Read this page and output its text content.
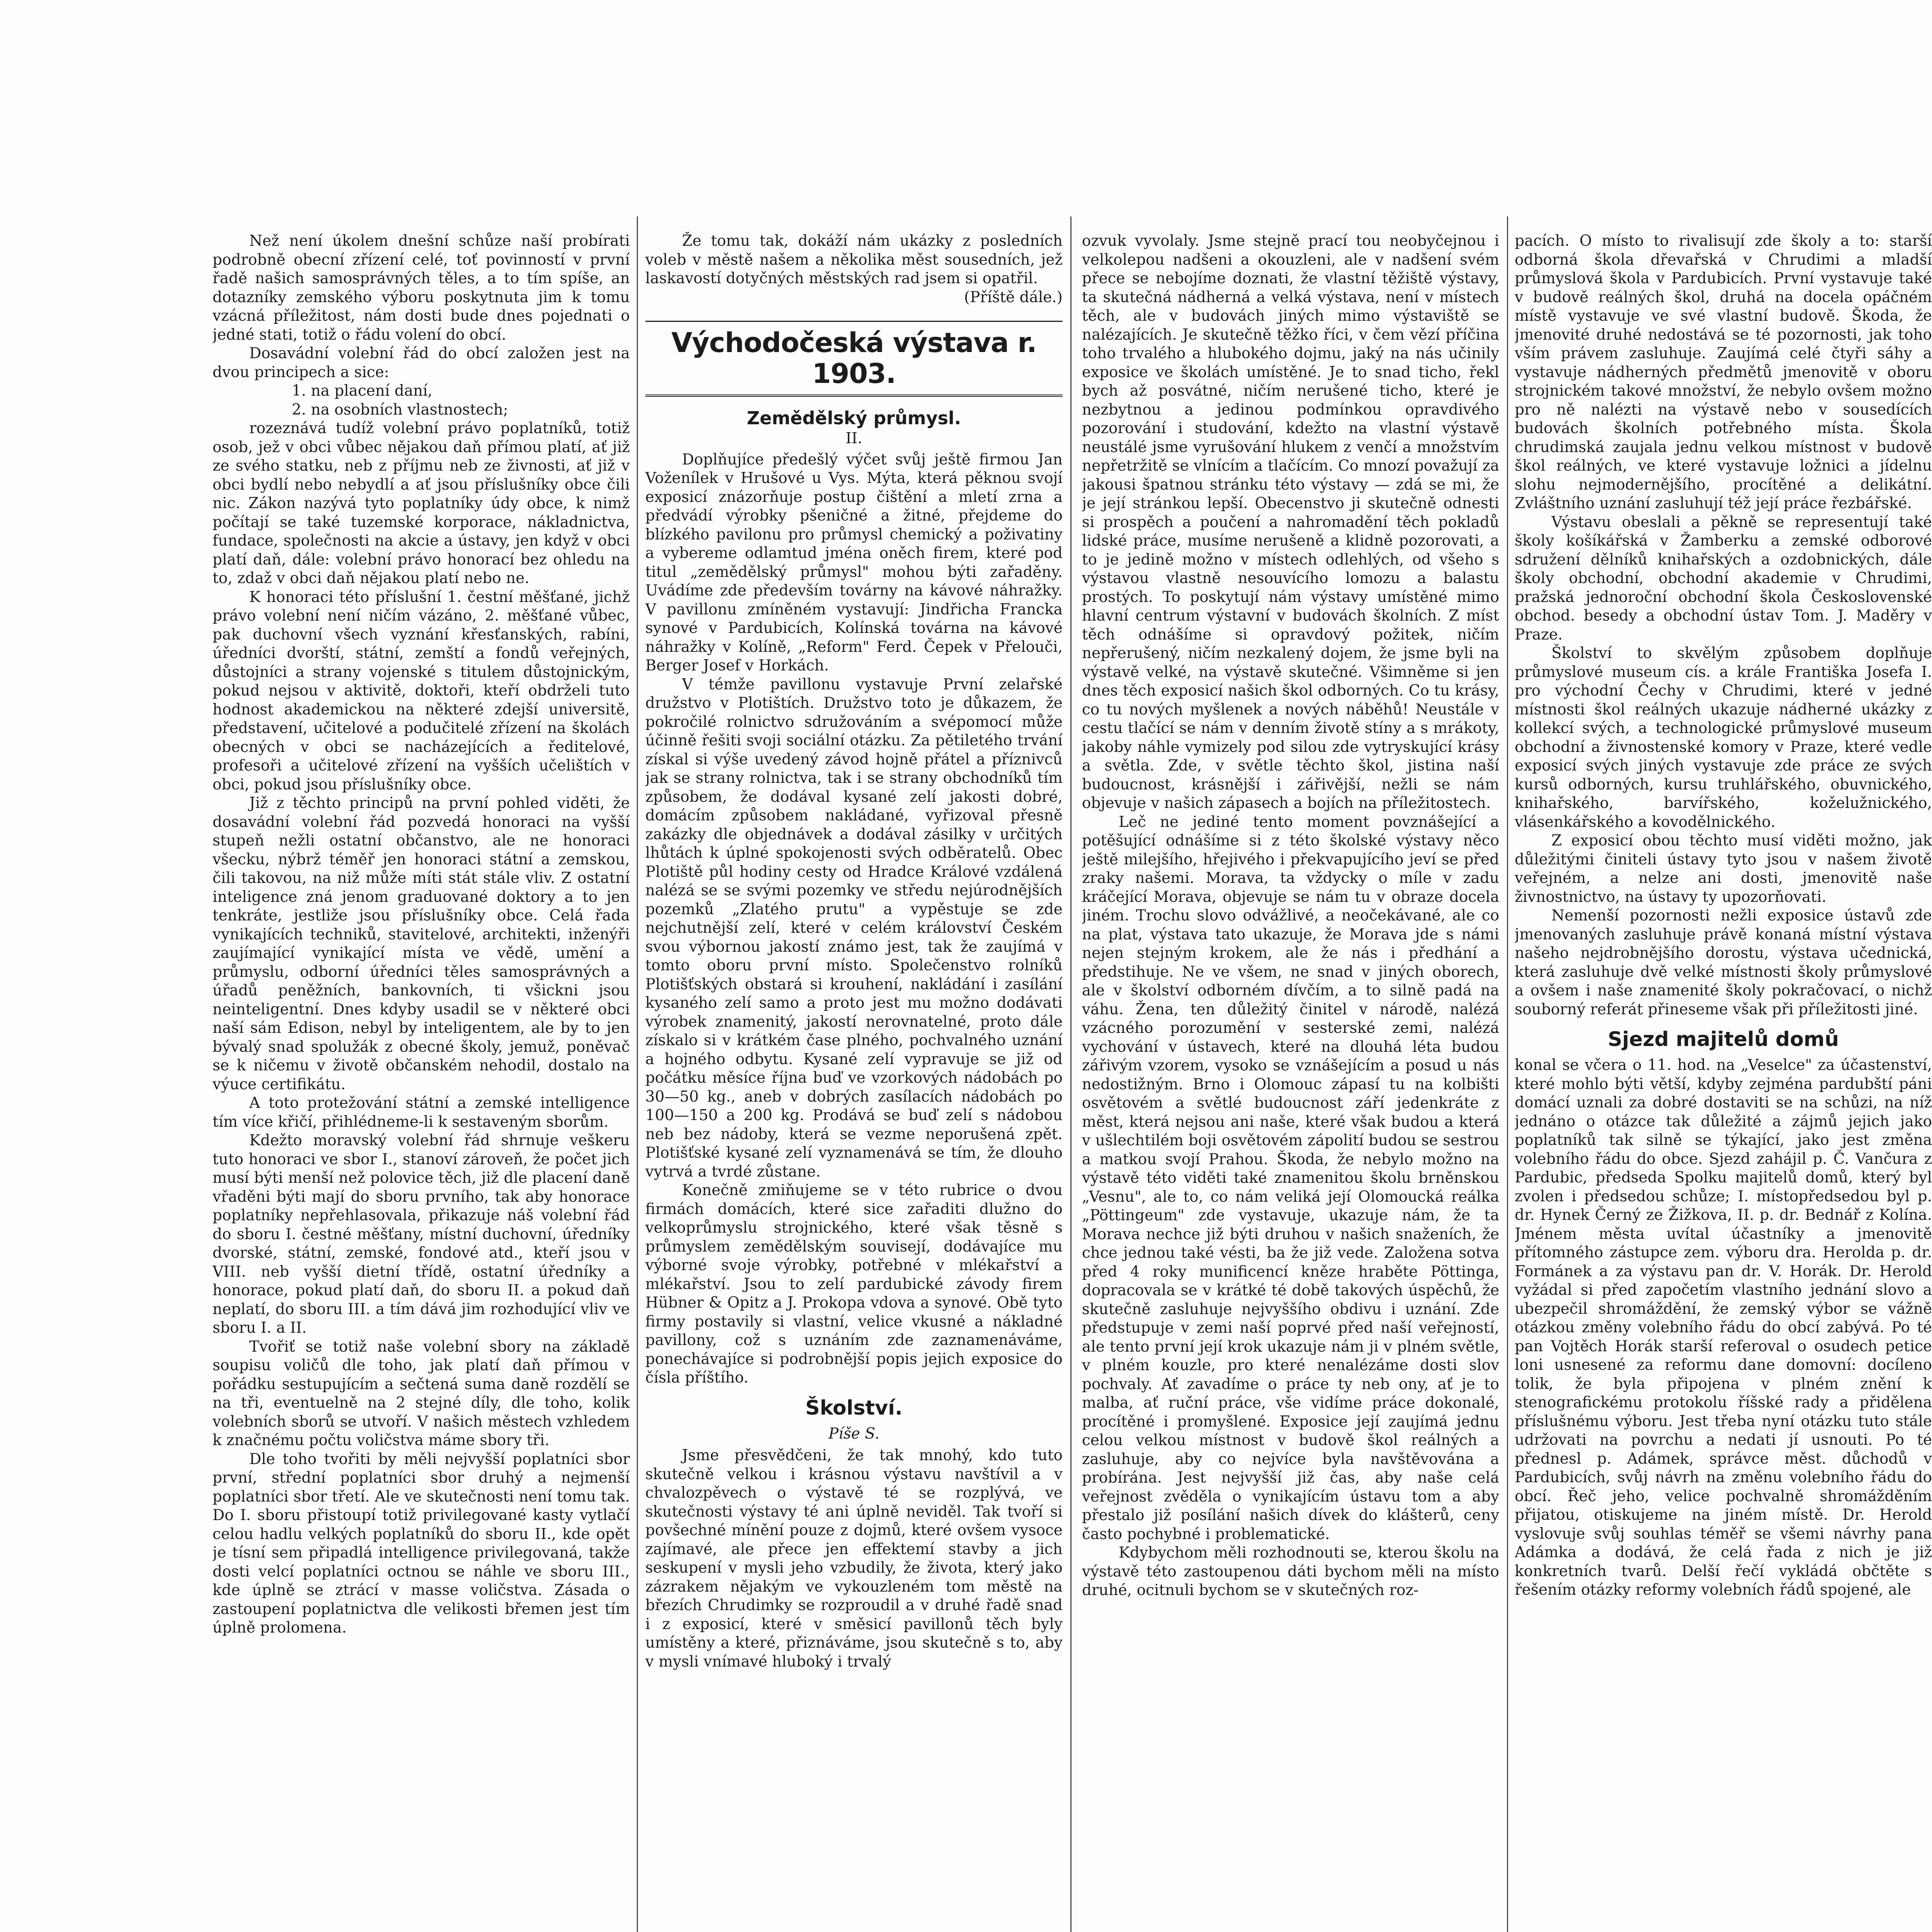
Než není úkolem dnešní schůze naší probírati podrobně obecní zřízení celé, toť povinností v první řadě našich samosprávných těles, a to tím spíše, an dotazníky zemského výboru poskytnuta jim k tomu vzácná příležitost, nám dosti bude dnes pojednati o jedné stati, totiž o řádu volení do obcí.

Dosavádní volební řád do obcí založen jest na dvou principech a sice:

1. na placení daní,

2. na osobních vlastnostech;

rozeznává tudíž volební právo poplatníků, totiž osob, jež v obci vůbec nějakou daň přímou platí, ať již ze svého statku, neb z příjmu neb ze živnosti, ať již v obci bydlí nebo nebydlí a ať jsou příslušníky obce čili nic. Zákon nazývá tyto poplatníky údy obce, k nimž počítají se také tuzemské korporace, nákladnictva, fundace, společnosti na akcie a ústavy, jen když v obci platí daň, dále: volební právo honorací bez ohledu na to, zdaž v obci daň nějakou platí nebo ne.

K honoraci této příslušní 1. čestní měšťané, jichž právo volební není ničím vázáno, 2. měšťané vůbec, pak duchovní všech vyznání křesťanských, rabíni, úředníci dvorští, státní, zemští a fondů veřejných, důstojníci a strany vojenské s titulem důstojnickým, pokud nejsou v aktivitě, doktoři, kteří obdrželi tuto hodnost akademickou na některé zdejší universitě, představení, učitelové a podučitelé zřízení na školách obecných v obci se nacházejících a ředitelové, profesoři a učitelové zřízení na vyšších učelištích v obci, pokud jsou příslušníky obce.

Již z těchto principů na první pohled viděti, že dosavádní volební řád pozvedá honoraci na vyšší stupeň nežli ostatní občanstvo, ale ne honoraci všecku, nýbrž téměř jen honoraci státní a zemskou, čili takovou, na niž může míti stát stále vliv. Z ostatní inteligence zná jenom graduované doktory a to jen tenkráte, jestliže jsou příslušníky obce. Celá řada vynikajících techniků, stavitelové, architekti, inženýři zaujímající vynikající místa ve vědě, umění a průmyslu, odborní úředníci těles samosprávných a úřadů peněžních, bankovních, ti všickni jsou neinteligentní. Dnes kdyby usadil se v některé obci naší sám Edison, nebyl by inteligentem, ale by to jen bývalý snad spolužák z obecné školy, jemuž, poněvač se k ničemu v životě občanském nehodil, dostalo na výuce certifikátu.

A toto protežování státní a zemské intelligence tím více křičí, přihlédneme-li k sestaveným sborům.

Kdežto moravský volební řád shrnuje veškeru tuto honoraci ve sbor I., stanoví zároveň, že počet jich musí býti menší než polovice těch, již dle placení daně vřaděni býti mají do sboru prvního, tak aby honorace poplatníky nepřehlasovala, přikazuje náš volební řád do sboru I. čestné měšťany, místní duchovní, úředníky dvorské, státní, zemské, fondové atd., kteří jsou v VIII. neb vyšší dietní třídě, ostatní úředníky a honorace, pokud platí daň, do sboru II. a pokud daň neplatí, do sboru III. a tím dává jim rozhodující vliv ve sboru I. a II.

Tvořiť se totiž naše volební sbory na základě soupisu voličů dle toho, jak platí daň přímou v pořádku sestupujícím a sečtená suma daně rozdělí se na tři, eventuelně na 2 stejné díly, dle toho, kolik volebních sborů se utvoří. V našich městech vzhledem k značnému počtu voličstva máme sbory tři.

Dle toho tvořiti by měli nejvyšší poplatníci sbor první, střední poplatníci sbor druhý a nejmenší poplatníci sbor třetí. Ale ve skutečnosti není tomu tak. Do I. sboru přistoupí totiž privilegované kasty vytlačí celou hadlu velkých poplatníků do sboru II., kde opět je tísní sem připadlá intelligence privilegovaná, takže dosti velcí poplatníci octnou se náhle ve sboru III., kde úplně se ztrácí v masse voličstva. Zásada o zastoupení poplatnictva dle velikosti břemen jest tím úplně prolomena.

Že tomu tak, dokáží nám ukázky z posledních voleb v městě našem a několika měst sousedních, jež laskavostí dotyčných městských rad jsem si opatřil.

(Příště dále.)

Východočeská výstava r. 1903.
Zemědělský průmysl.
II.

Doplňujíce předešlý výčet svůj ještě firmou Jan Voženílek v Hrušové u Vys. Mýta, která pěknou svojí exposicí znázorňuje postup čištění a mletí zrna a předvádí výrobky pšeničné a žitné, přejdeme do blízkého pavilonu pro průmysl chemický a poživatiny a vybereme odlamtud jména oněch firem, které pod titul „zemědělský průmysl" mohou býti zařaděny. Uvádíme zde především továrny na kávové náhražky. V pavillonu zmíněném vystavují: Jindřicha Francka synové v Pardubicích, Kolínská továrna na kávové náhražky v Kolíně, „Reform" Ferd. Čepek v Přelouči, Berger Josef v Horkách.

V témže pavillonu vystavuje První zelařské družstvo v Plotištích. Družstvo toto je důkazem, že pokročilé rolnictvo sdružováním a svépomocí může účinně řešiti svoji sociální otázku. Za pětiletého trvání získal si výše uvedený závod hojně přátel a příznivců jak se strany rolnictva, tak i se strany obchodníků tím způsobem, že dodával kysané zelí jakosti dobré, domácím způsobem nakládané, vyřizoval přesně zakázky dle objednávek a dodával zásilky v určitých lhůtách k úplné spokojenosti svých odběratelů. Obec Plotiště půl hodiny cesty od Hradce Králové vzdálená nalézá se se svými pozemky ve středu nejúrodnějších pozemků „Zlatého prutu" a vypěstuje se zde nejchutnější zelí, které v celém království Českém svou výbornou jakostí známo jest, tak že zaujímá v tomto oboru první místo. Společenstvo rolníků Plotišťských obstará si krouhení, nakládání i zasílání kysaného zelí samo a proto jest mu možno dodávati výrobek znamenitý, jakostí nerovnatelné, proto dále získalo si v krátkém čase plného, pochvalného uznání a hojného odbytu. Kysané zelí vypravuje se již od počátku měsíce října buď ve vzorkových nádobách po 30—50 kg., aneb v dobrých zasílacích nádobách po 100—150 a 200 kg. Prodává se buď zelí s nádobou neb bez nádoby, která se vezme neporušená zpět. Plotišťské kysané zelí vyznamenává se tím, že dlouho vytrvá a tvrdé zůstane.

Konečně zmiňujeme se v této rubrice o dvou firmách domácích, které sice zařaditi dlužno do velkoprůmyslu strojnického, které však těsně s průmyslem zemědělským souvisejí, dodávajíce mu výborné svoje výrobky, potřebné v mlékařství a mlékařství. Jsou to zelí pardubické závody firem Hübner & Opitz a J. Prokopa vdova a synové. Obě tyto firmy postavily si vlastní, velice vkusné a nákladné pavillony, což s uznáním zde zaznamenáváme, ponechávajíce si podrobnější popis jejich exposice do čísla příštího.

Školství.
Píše S.

Jsme přesvědčeni, že tak mnohý, kdo tuto skutečně velkou i krásnou výstavu navštívil a v chvalozpěvech o výstavě té se rozplývá, ve skutečnosti výstavy té ani úplně neviděl. Tak tvoří si povšechné mínění pouze z dojmů, které ovšem vysoce zajímavé, ale přece jen effektemí stavby a jich seskupení v mysli jeho vzbudily, že života, který jako zázrakem nějakým ve vykouzleném tom městě na březích Chrudimky se rozproudil a v druhé řadě snad i z exposicí, které v směsicí pavillonů těch byly umístěny a které, přiznáváme, jsou skutečně s to, aby v mysli vnímavé hluboký i trvalý

ozvuk vyvolaly. Jsme stejně prací tou neobyčejnou i velkolepou nadšeni a okouzleni, ale v nadšení svém přece se nebojíme doznati, že vlastní těžiště výstavy, ta skutečná nádherná a velká výstava, není v místech těch, ale v budovách jiných mimo výstaviště se nalézajících. Je skutečně těžko říci, v čem vězí příčina toho trvalého a hlubokého dojmu, jaký na nás učinily exposice ve školách umístěné. Je to snad ticho, řekl bych až posvátné, ničím nerušené ticho, které je nezbytnou a jedinou podmínkou opravdivého pozorování i studování, kdežto na vlastní výstavě neustálé jsme vyrušování hlukem z venčí a množstvím nepřetržitě se vlnícím a tlačícím. Co mnozí považují za jakousi špatnou stránku této výstavy — zdá se mi, že je její stránkou lepší. Obecenstvo ji skutečně odnesti si prospěch a poučení a nahromadění těch pokladů lidské práce, musíme nerušeně a klidně pozorovati, a to je jedině možno v místech odlehlých, od všeho s výstavou vlastně nesouvícího lomozu a balastu prostých. To poskytují nám výstavy umístěné mimo hlavní centrum výstavní v budovách školních. Z míst těch odnášíme si opravdový požitek, ničím nepřerušený, ničím nezkalený dojem, že jsme byli na výstavě velké, na výstavě skutečné. Všimněme si jen dnes těch exposicí našich škol odborných. Co tu krásy, co tu nových myšlenek a nových náběhů! Neustále v cestu tlačící se nám v denním životě stíny a s mrákoty, jakoby náhle vymizely pod silou zde vytryskující krásy a světla. Zde, v světle těchto škol, jistina naší budoucnost, krásnější i zářivější, nežli se nám objevuje v našich zápasech a bojích na příležitostech.

Leč ne jediné tento moment povznášející a potěšující odnášíme si z této školské výstavy něco ještě milejšího, hřejivého i překvapujícího jeví se před zraky našemi. Morava, ta vždycky o míle v zadu kráčející Morava, objevuje se nám tu v obraze docela jiném. Trochu slovo odvážlivé, a neočekávané, ale co na plat, výstava tato ukazuje, že Morava jde s námi nejen stejným krokem, ale že nás i předhání a předstihuje. Ne ve všem, ne snad v jiných oborech, ale v školství odborném dívčím, a to silně padá na váhu. Žena, ten důležitý činitel v národě, nalézá vzácného porozumění v sesterské zemi, nalézá vychování v ústavech, které na dlouhá léta budou zářivým vzorem, vysoko se vznášejícím a posud u nás nedostižným. Brno i Olomouc zápasí tu na kolbišti osvětovém a světlé budoucnost září jedenkráte z měst, která nejsou ani naše, které však budou a která v ušlechtilém boji osvětovém zápolití budou se sestrou a matkou svojí Prahou. Škoda, že nebylo možno na výstavě této viděti také znamenitou školu brněnskou „Vesnu", ale to, co nám veliká její Olomoucká reálka „Pöttingeum" zde vystavuje, ukazuje nám, že ta Morava nechce již býti druhou v našich snaženích, že chce jednou také vésti, ba že již vede. Založena sotva před 4 roky munificencí kněze hraběte Pöttinga, dopracovala se v krátké té době takových úspěchů, že skutečně zasluhuje nejvyššího obdivu i uznání. Zde předstupuje v zemi naší poprvé před naší veřejností, ale tento první její krok ukazuje nám ji v plném světle, v plném kouzle, pro které nenalézáme dosti slov pochvaly. Ať zavadíme o práce ty neb ony, ať je to malba, ať ruční práce, vše vidíme práce dokonalé, procítěné i promyšlené. Exposice její zaujímá jednu celou velkou místnost v budově škol reálných a zasluhuje, aby co nejvíce byla navštěvována a probírána. Jest nejvyšší již čas, aby naše celá veřejnost zvěděla o vynikajícím ústavu tom a aby přestalo již posílání našich dívek do klášterů, ceny často pochybné i problematické.

Kdybychom měli rozhodnouti se, kterou školu na výstavě této zastoupenou dáti bychom měli na místo druhé, ocitnuli bychom se v skutečných roz-

pacích. O místo to rivalisují zde školy a to: starší odborná škola dřevařská v Chrudimi a mladší průmyslová škola v Pardubicích. První vystavuje také v budově reálných škol, druhá na docela opáčném místě vystavuje ve své vlastní budově. Škoda, že jmenovité druhé nedostává se té pozornosti, jak toho vším právem zasluhuje. Zaujímá celé čtyři sáhy a vystavuje nádherných předmětů jmenovitě v oboru strojnickém takové množství, že nebylo ovšem možno pro ně nalézti na výstavě nebo v sousedících budovách školních potřebného místa. Škola chrudimská zaujala jednu velkou místnost v budově škol reálných, ve které vystavuje ložnici a jídelnu slohu nejmodernějšího, procítěné a delikátní. Zvláštního uznání zasluhují též její práce řezbářské.

Výstavu obeslali a pěkně se representují také školy košíkářská v Žamberku a zemské odborové sdružení dělníků knihařských a ozdobnických, dále školy obchodní, obchodní akademie v Chrudimi, pražská jednoroční obchodní škola Československé obchod. besedy a obchodní ústav Tom. J. Maděry v Praze.

Školství to skvělým způsobem doplňuje průmyslové museum cís. a krále Františka Josefa I. pro východní Čechy v Chrudimi, které v jedné místnosti škol reálných ukazuje nádherné ukázky z kollekcí svých, a technologické průmyslové museum obchodní a živnostenské komory v Praze, které vedle exposicí svých jiných vystavuje zde práce ze svých kursů odborných, kursu truhlářského, obuvnického, knihařského, barvířského, koželužnického, vlásenkářského a kovodělnického.

Z exposicí obou těchto musí viděti možno, jak důležitými činiteli ústavy tyto jsou v našem životě veřejném, a nelze ani dosti, jmenovitě naše živnostnictvo, na ústavy ty upozorňovati.

Nemenší pozornosti nežli exposice ústavů zde jmenovaných zasluhuje právě konaná místní výstava našeho nejdrobnějšího dorostu, výstava učednická, která zasluhuje dvě velké místnosti školy průmyslové a ovšem i naše znamenité školy pokračovací, o nichž souborný referát přineseme však při příležitosti jiné.

Sjezd majitelů domů

konal se včera o 11. hod. na „Veselce" za účastenství, které mohlo býti větší, kdyby zejména pardubští páni domácí uznali za dobré dostaviti se na schůzi, na níž jednáno o otázce tak důležité a zájmů jejich jako poplatníků tak silně se týkající, jako jest změna volebního řádu do obce. Sjezd zahájil p. Č. Vančura z Pardubic, předseda Spolku majitelů domů, který byl zvolen i předsedou schůze; I. místopředsedou byl p. dr. Hynek Černý ze Žižkova, II. p. dr. Bednář z Kolína. Jménem města uvítal účastníky a jmenovitě přítomného zástupce zem. výboru dra. Herolda p. dr. Formánek a za výstavu pan dr. V. Horák. Dr. Herold vyžádal si před započetím vlastního jednání slovo a ubezpečil shromáždění, že zemský výbor se vážně otázkou změny volebního řádu do obcí zabývá. Po té pan Vojtěch Horák starší referoval o osudech petice loni usnesené za reformu dane domovní: docíleno tolik, že byla připojena v plném znění k stenografickému protokolu říšské rady a přidělena příslušnému výboru. Jest třeba nyní otázku tuto stále udržovati na povrchu a nedati jí usnouti. Po té přednesl p. Adámek, správce měst. důchodů v Pardubicích, svůj návrh na změnu volebního řádu do obcí. Řeč jeho, velice pochvalně shromážděním přijatou, otiskujeme na jiném místě. Dr. Herold vyslovuje svůj souhlas téměř se všemi návrhy pana Adámka a dodává, že celá řada z nich je již konkretních tvarů. Delší řečí vykládá občtěte s řešením otázky reformy volebních řádů spojené, ale
